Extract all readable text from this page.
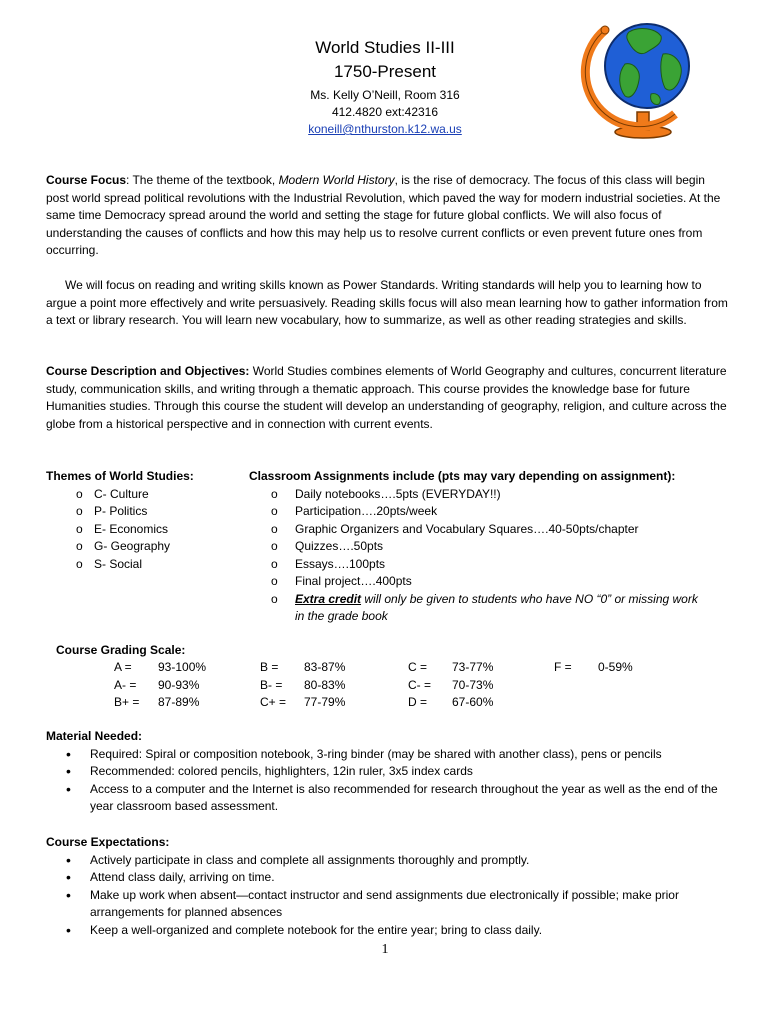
World Studies II-III
1750-Present
Ms. Kelly O’Neill, Room 316
412.4820 ext:42316
koneill@nthurston.k12.wa.us

Course Focus: The theme of the textbook, Modern World History, is the rise of democracy. The focus of this class will begin post world spread political revolutions with the Industrial Revolution, which paved the way for modern industrial societies. At the same time Democracy spread around the world and setting the stage for future global conflicts. We will also focus of understanding the causes of conflicts and how this may help us to resolve current conflicts or even prevent future ones from occurring.

We will focus on reading and writing skills known as Power Standards. Writing standards will help you to learning how to argue a point more effectively and write persuasively. Reading skills focus will also mean learning how to gather information from a text or library research. You will learn new vocabulary, how to summarize, as well as other reading strategies and skills.

Course Description and Objectives: World Studies combines elements of World Geography and cultures, concurrent literature study, communication skills, and writing through a thematic approach. This course provides the knowledge base for future Humanities studies. Through this course the student will develop an understanding of geography, religion, and culture across the globe from a historical perspective and in connection with current events.

Themes of World Studies:
o C- Culture
o P- Politics
o E- Economics
o G- Geography
o S- Social
Classroom Assignments include (pts may vary depending on assignment):
o Daily notebooks….5pts (EVERYDAY!!)
o Participation….20pts/week
o Graphic Organizers and Vocabulary Squares….40-50pts/chapter
o Quizzes….50pts
o Essays….100pts
o Final project….400pts
o Extra credit will only be given to students who have NO “0” or missing work in the grade book
Course Grading Scale:
A = 93-100%
A- = 90-93%
B+ = 87-89%
B = 83-87%
B- = 80-83%
C+ = 77-79%
C = 73-77%
C- = 70-73%
D = 67-60%
F = 0-59%
Material Needed:
• Required: Spiral or composition notebook, 3-ring binder (may be shared with another class), pens or pencils
• Recommended: colored pencils, highlighters, 12in ruler, 3x5 index cards
• Access to a computer and the Internet is also recommended for research throughout the year as well as the end of the year classroom based assessment.
Course Expectations:
• Actively participate in class and complete all assignments thoroughly and promptly.
• Attend class daily, arriving on time.
• Make up work when absent—contact instructor and send assignments due electronically if possible; make prior arrangements for planned absences
• Keep a well-organized and complete notebook for the entire year; bring to class daily.
1
